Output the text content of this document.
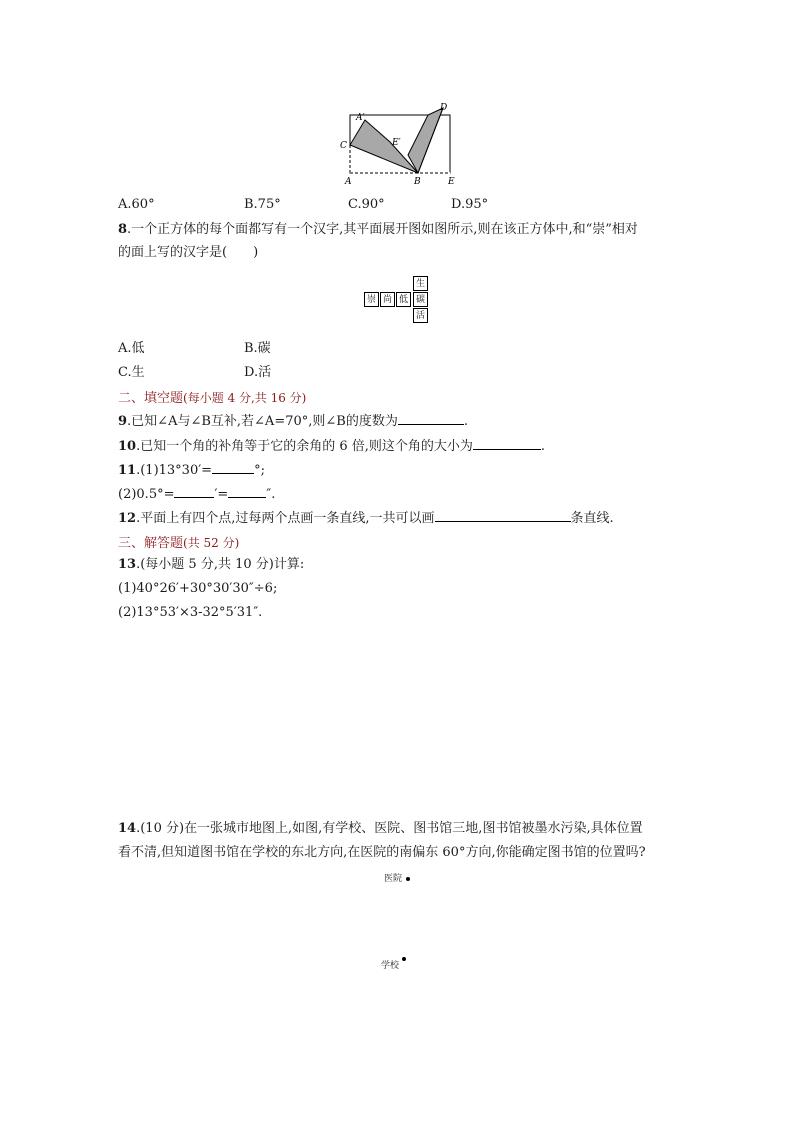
A′
C	E′
D
A	B	E
A.60°	B.75°	C.90°	D.95°
8.一个正方体的每个面都写有一个汉字,其平面展开图如图所示,则在该正方体中,和“崇”相对
的面上写的汉字是(　　)
生
崇 尚 低 碳
活
A.低	B.碳
C.生	D.活
二、填空题(每小题 4 分,共 16 分)
9.已知∠A与∠B互补,若∠A=70°,则∠B的度数为	.
10.已知一个角的补角等于它的余角的 6 倍,则这个角的大小为	.
11.(1)13°30′=	°;
(2)0.5°=	′=	″.
12.平面上有四个点,过每两个点画一条直线,一共可以画	条直线.
三、解答题(共 52 分)
13.(每小题 5 分,共 10 分)计算:
(1)40°26′+30°30′30″÷6;
(2)13°53′×3-32°5′31″.
14.(10 分)在一张城市地图上,如图,有学校、医院、图书馆三地,图书馆被墨水污染,具体位置
看不清,但知道图书馆在学校的东北方向,在医院的南偏东 60°方向,你能确定图书馆的位置吗?
医院
学校
